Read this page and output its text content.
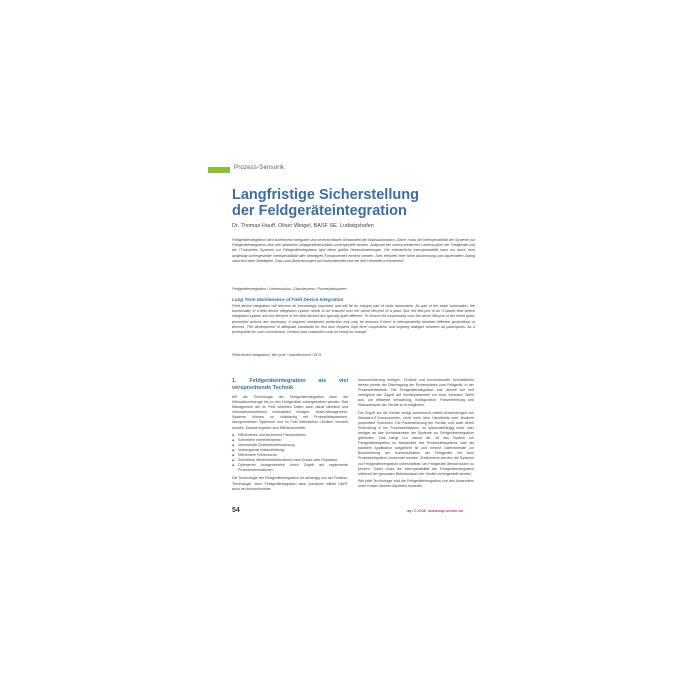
Prozess-Sensorik
Langfristige Sicherstellung
der Feldgeräteintegration
Dr. Thomas Hauff, Oliver Weigel, BASF SE, Ludwigshafen
Feldgeräteintegration wird zunehmend integraler und unverzichtbarer Bestandteil der Basisautomation. Daher muss die Interoperabilität der Systeme zur Feldgeräteintegration über den gesamten Anlagenlebenszyklus sichergestellt werden. Aufgrund der unterschiedlichen Lebenszyklen der Feldgeräte und der IT-basierten Systeme zur Feldgeräteintegration sind diese größte Herausforderungen. Die erforderliche Interoperabilität kann nur durch eine langfristig sichergestellte Interoperabilität aller beteiligten Komponenten erreicht werden. Dies erfordert eine hohe Abstimmung und dauerhaften Dialog zwischen allen Beteiligten. Dazu sind Anforderungen auf Anwenderseite und bei den Herstellern erforderlich.
Feldgeräteintegration / Lebenszyklus / Obsoleszenz / Prozessleitsystem
Long Term Maintenance of Field Device Integration
Field device integration will become an increasingly important and will be an integral part of basic automation. As part of the basic automation, the functionality of a field device integration system needs to be ensured over the whole lifecycle of a plant. But, the lifecycle of an IT-based field device integration system and the lifecycle of the field devices are typically quite different. To ensure the functionality over the whole lifecycle of the entire plant, preventive actions are necessary. A required investment protection only may be ensured if there is interoperability between different generations of devices. The development of adequate standards for this task requires high level cooperation and ongoing dialogue between all participants. As a prerequisite for such commitment, vendors and customers must be ready for change.
Field device integration / life cycle / obsolescence / DCS
1. Feldgeräteintegration als viel versprechende Technik

Mit der Technologie der Feldgeräteintegration kann die Informationsmenge bis zu den Feldgeräten vorangetrieben werden. Das Management der im Feld verteilten Daten kann damit räumlich und informationstechnisch zentralisiert erfolgen. Asset-Management-Systeme können so vollständig mit Prozessleitsystemen, übergeordneten Systemen und im Feld befindlichen Geräten vernetzt werden. Daraus ergeben sich Effizienzvorteile:

◆ Effizienteres und sichereres Parametrieren,
◆ Schnellere Inbetriebnahme,
◆ Verbesserte Zustandsüberwachung,
◆ Vorbeugende Instandhaltung,
◆ Effizientere Fehlersuche,
◆ Schnellere Wiederinbetriebnahme nach Ersatz oder Reparatur,
◆ Optimierter Anlagenbetrieb durch Zugriff auf ergänzende Prozessinformationen.

Die Technologie der Feldgeräteintegration ist abhängig von der Feldbus-Technologie, denn Feldgerätintegration kann prinzipiell mittels HART auch bei konventioneller

Instrumentierung erfolgen. Feldbus und konventionelle Schnittstellen dienen primär der Übertragung der Prozessdaten zum Feldgerät. In der Prozessleittechnik. Die Feldgeräteintegration war derzeit auf und ermöglicht den Zugriff auf Geräteparameter vor einer zentralen Stelle aus, um effiziente Verwaltung, Konfiguration, Parametrierung und Statusanalyse der Geräte zu ermöglichen.

Der Zugriff auf die Geräte erfolgt zunehmend mittels Anwendungen von Standard-IT-Komponenten, nicht mehr über Handhelds oder ähnliche proprietäre Techniken. Die Parametrierung der Geräte, und auch deren Einbindung in ein Prozessleitsystem, ist systemabhängig mehr oder weniger an das Vorhandensein der Systeme zur Feldgeräteintegration gebunden. Das hängt u.a. davon ab, ob das System zur Feldgerätintegration im Bestandteil des Prozessleitsystems oder als parallele Applikation ausgeführt ist und welche Datenformate zur Beschreibung der Kommunikation der Feldgeräte mit dem Prozessleitsystem verwendet werden. Zunehmend werden die Systeme zur Feldgeräteintegration unverzichtbar, um Feldgeräte überall nutzen zu können. Damit muss die Interoperabilität der Feldgeräteintegration während der gesamten Betriebsdauer der Geräte sichergestellt werden.

Wie jede Technologie wird die Feldgeräteintegration von den Anwendern unter Kosten-Nutzen-Aspekten bewertet.

54	atp 2.2008 www.atp-online.de
